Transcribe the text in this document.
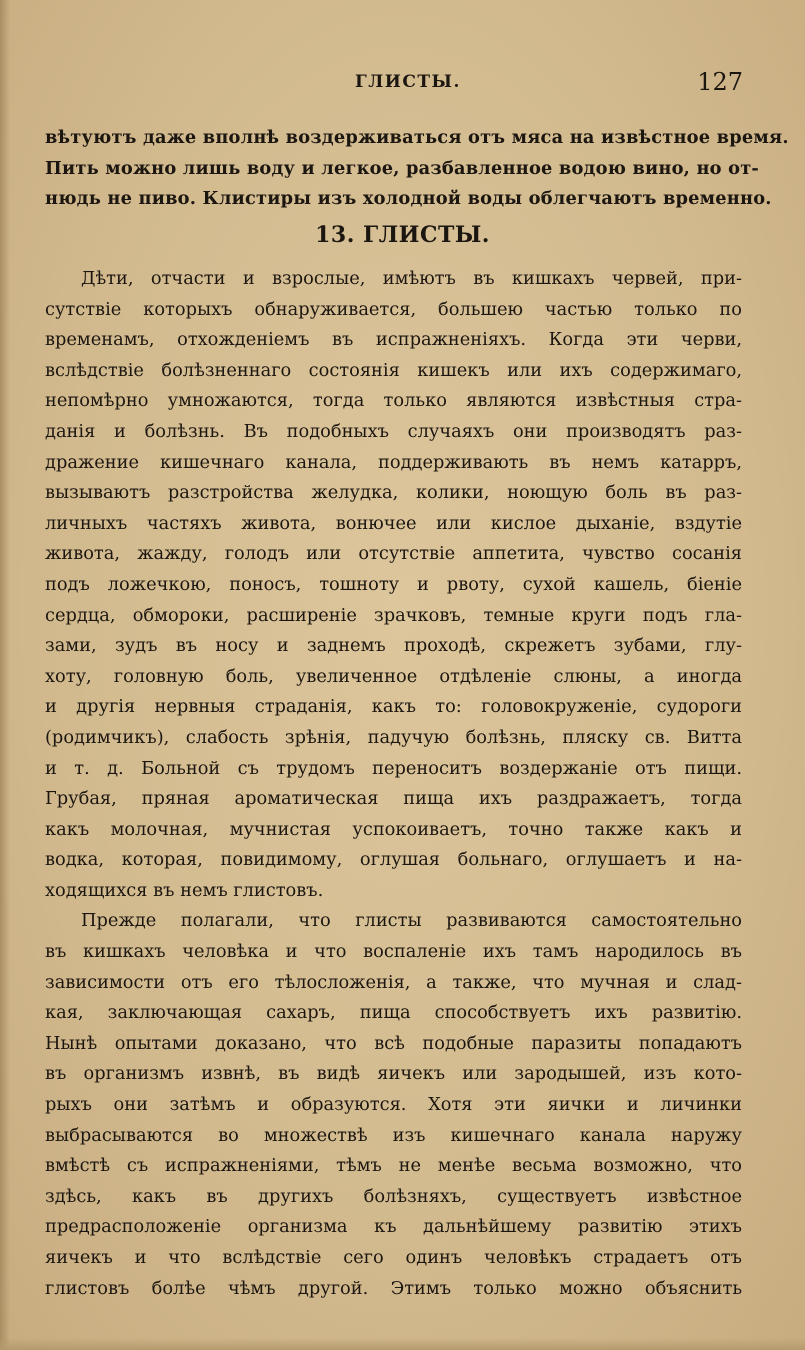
ГЛИСТЫ.	127
вѣтуютъ даже вполнѣ воздерживаться отъ мяса на извѣстное время.
Пить можно лишь воду и легкое, разбавленное водою вино, но от-
нюдь не пиво. Клистиры изъ холодной воды облегчаютъ временно.
13. ГЛИСТЫ.
Дѣти, отчасти и взрослые, имѣютъ въ кишкахъ червей, при-
сутствіе которыхъ обнаруживается, большею частью только по
временамъ, отхожденіемъ въ испражненіяхъ. Когда эти черви,
вслѣдствіе болѣзненнаго состоянія кишекъ или ихъ содержимаго,
непомѣрно умножаются, тогда только являются извѣстныя стра-
данія и болѣзнь. Въ подобныхъ случаяхъ они производятъ раз-
дражение кишечнаго канала, поддерживають въ немъ катарръ,
вызываютъ разстройства желудка, колики, ноющую боль въ раз-
личныхъ частяхъ живота, вонючее или кислое дыханіе, вздутіе
живота, жажду, голодъ или отсутствіе аппетита, чувство сосанія
подъ ложечкою, поносъ, тошноту и рвоту, сухой кашель, біеніе
сердца, обмороки, расширеніе зрачковъ, темные круги подъ гла-
зами, зудъ въ носу и заднемъ проходѣ, скрежетъ зубами, глу-
хоту, головную боль, увеличенное отдѣленіе слюны, а иногда
и другія нервныя страданія, какъ то: головокруженіе, судороги
(родимчикъ), слабость зрѣнія, падучую болѣзнь, пляску св. Витта
и т. д. Больной съ трудомъ переноситъ воздержаніе отъ пищи.
Грубая, пряная ароматическая пища ихъ раздражаетъ, тогда
какъ молочная, мучнистая успокоиваетъ, точно также какъ и
водка, которая, повидимому, оглушая больнаго, оглушаетъ и на-
ходящихся въ немъ глистовъ.
Прежде полагали, что глисты развиваются самостоятельно
въ кишкахъ человѣка и что воспаленіе ихъ тамъ народилось въ
зависимости отъ его тѣлосложенія, а также, что мучная и слад-
кая, заключающая сахаръ, пища способствуетъ ихъ развитію.
Нынѣ опытами доказано, что всѣ подобные паразиты попадаютъ
въ организмъ извнѣ, въ видѣ яичекъ или зародышей, изъ кото-
рыхъ они затѣмъ и образуются. Хотя эти яички и личинки
выбрасываются во множествѣ изъ кишечнаго канала наружу
вмѣстѣ съ испражненіями, тѣмъ не менѣе весьма возможно, что
здѣсь, какъ въ другихъ болѣзняхъ, существуетъ извѣстное
предрасположеніе организма къ дальнѣйшему развитію этихъ
яичекъ и что вслѣдствіе сего одинъ человѣкъ страдаетъ отъ
глистовъ болѣе чѣмъ другой. Этимъ только можно объяснить
